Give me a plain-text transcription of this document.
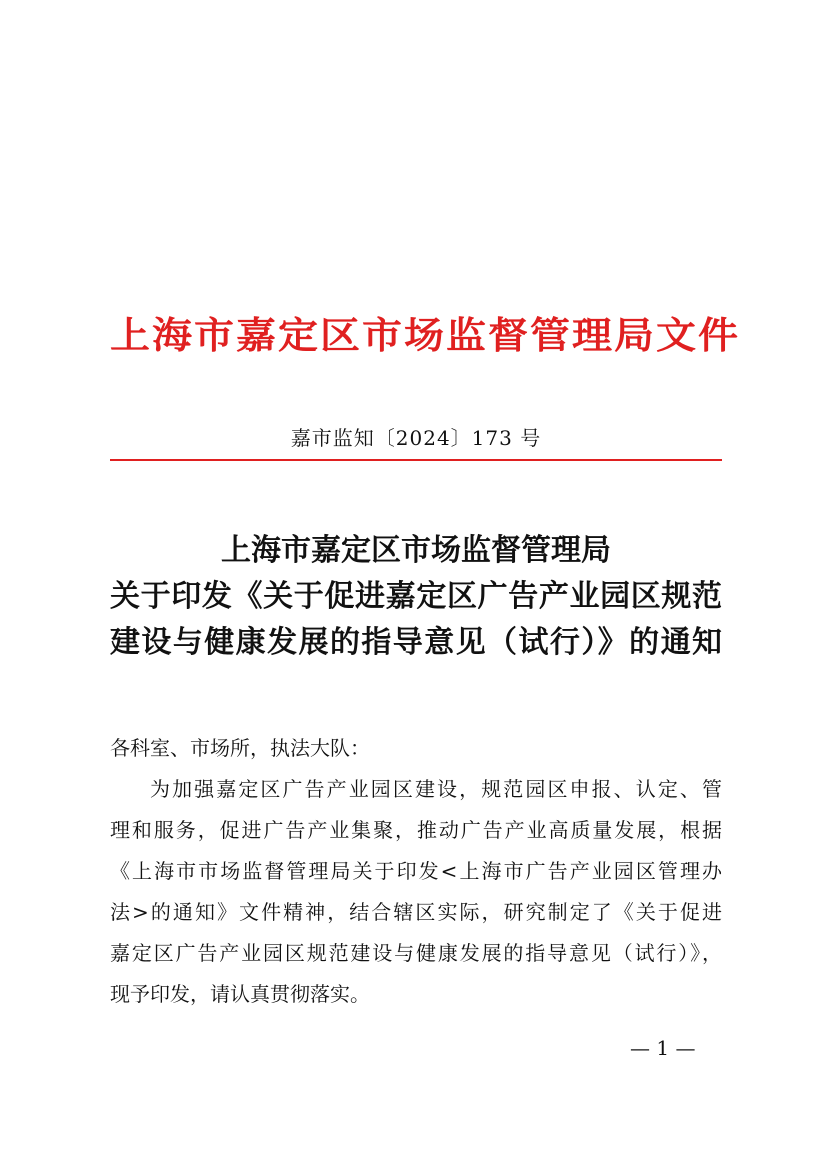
上海市嘉定区市场监督管理局文件
嘉市监知〔2024〕173 号
上海市嘉定区市场监督管理局
关于印发《关于促进嘉定区广告产业园区规范
建设与健康发展的指导意见（试行）》的通知
各科室、市场所，执法大队：
为加强嘉定区广告产业园区建设，规范园区申报、认定、管
理和服务，促进广告产业集聚，推动广告产业高质量发展，根据
《上海市市场监督管理局关于印发<上海市广告产业园区管理办
法>的通知》文件精神，结合辖区实际，研究制定了《关于促进
嘉定区广告产业园区规范建设与健康发展的指导意见（试行）》，
现予印发，请认真贯彻落实。
— 1 —
